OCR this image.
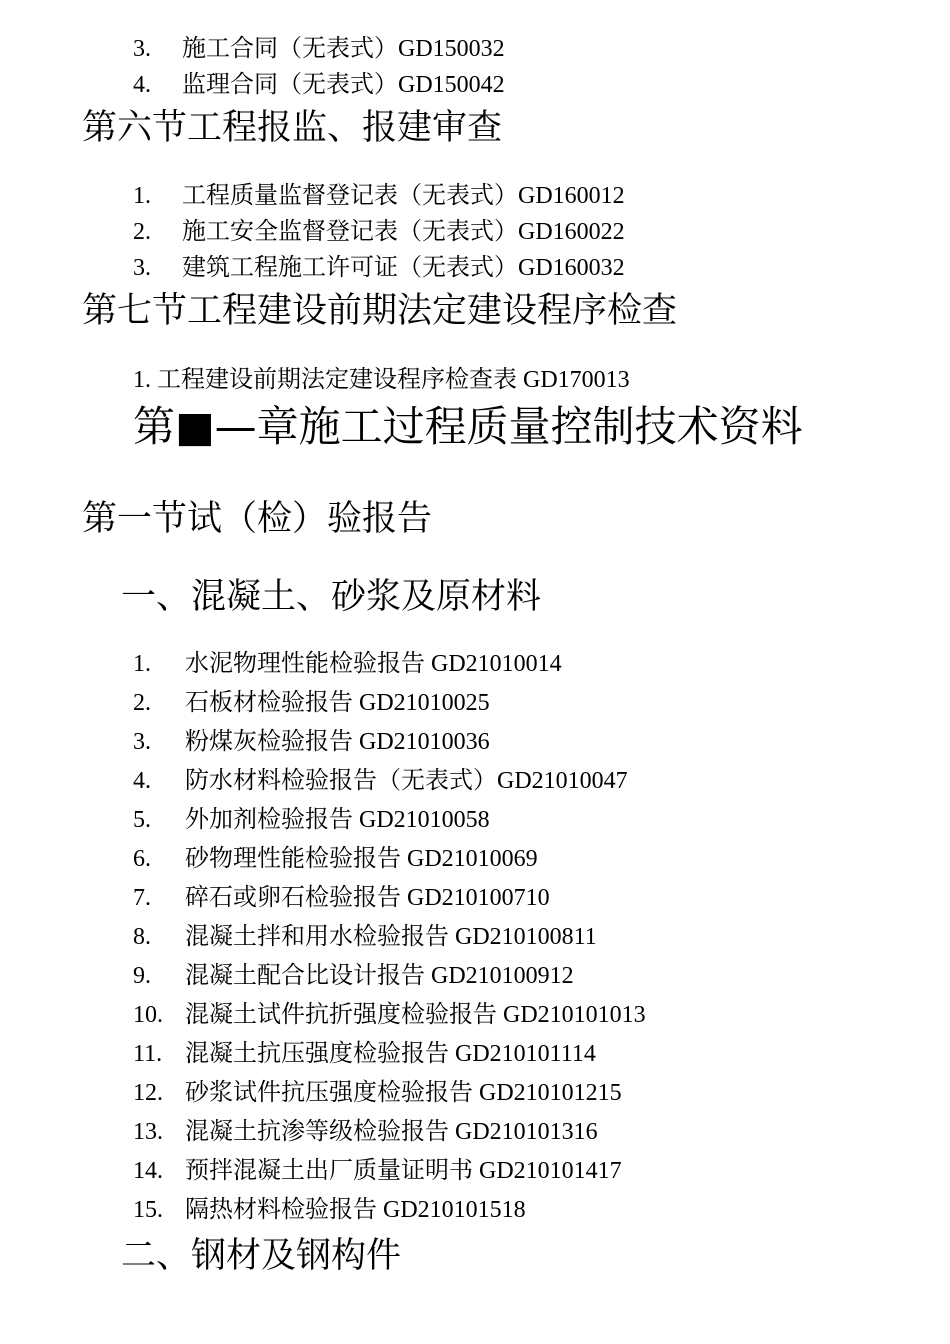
3. 施工合同（无表式）GD150032
4. 监理合同（无表式）GD150042
第六节工程报监、报建审查
1. 工程质量监督登记表（无表式）GD160012
2. 施工安全监督登记表（无表式）GD160022
3. 建筑工程施工许可证（无表式）GD160032
第七节工程建设前期法定建设程序检查
1. 工程建设前期法定建设程序检查表 GD170013
第■—章施工过程质量控制技术资料
第一节试（检）验报告
一、混凝土、砂浆及原材料
1. 水泥物理性能检验报告 GD21010014
2. 石板材检验报告 GD21010025
3. 粉煤灰检验报告 GD21010036
4. 防水材料检验报告（无表式）GD21010047
5. 外加剂检验报告 GD21010058
6. 砂物理性能检验报告 GD21010069
7. 碎石或卵石检验报告 GD210100710
8. 混凝土拌和用水检验报告 GD210100811
9. 混凝土配合比设计报告 GD210100912
10. 混凝土试件抗折强度检验报告 GD210101013
11. 混凝土抗压强度检验报告 GD210101114
12. 砂浆试件抗压强度检验报告 GD210101215
13. 混凝土抗渗等级检验报告 GD210101316
14. 预拌混凝土出厂质量证明书 GD210101417
15. 隔热材料检验报告 GD210101518
二、钢材及钢构件
